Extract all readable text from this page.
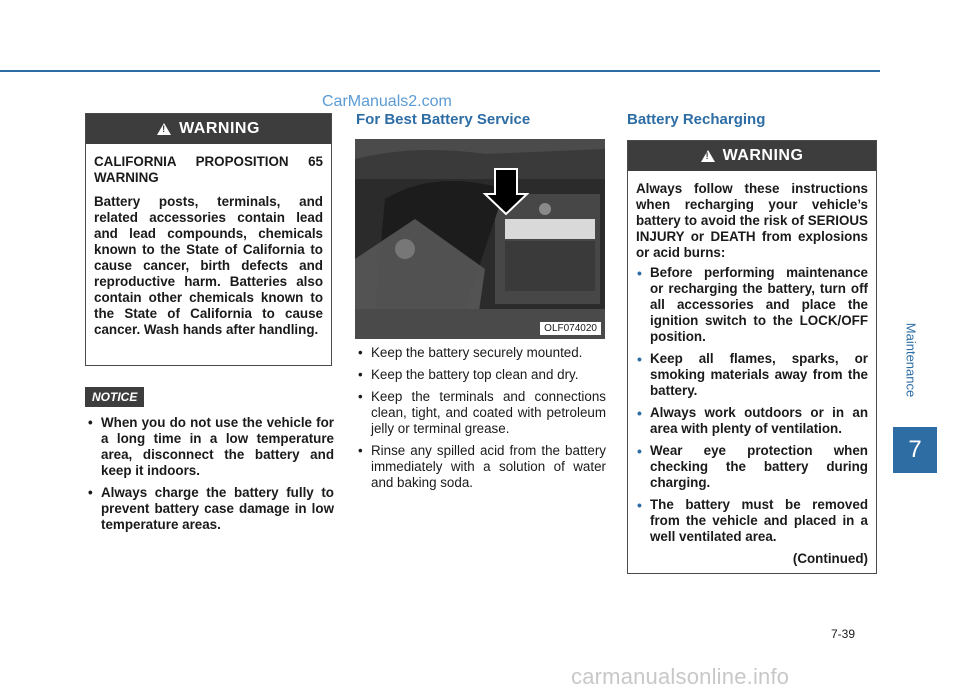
CarManuals2.com
Maintenance
7
!
WARNING

CALIFORNIA PROPOSITION 65 WARNING

Battery posts, terminals, and related accessories contain lead and lead compounds, chemicals known to the State of California to cause cancer, birth defects and reproductive harm. Batteries also contain other chemicals known to the State of California to cause cancer. Wash hands after handling.

NOTICE
• When you do not use the vehicle for a long time in a low temperature area, disconnect the battery and keep it indoors.
• Always charge the battery fully to prevent battery case damage in low temperature areas.
For Best Battery Service
OLF074020
• Keep the battery securely mounted.
• Keep the battery top clean and dry.
• Keep the terminals and connections clean, tight, and coated with petroleum jelly or terminal grease.
• Rinse any spilled acid from the battery immediately with a solution of water and baking soda.
Battery Recharging
!
WARNING

Always follow these instructions when recharging your vehicle’s battery to avoid the risk of SERIOUS INJURY or DEATH from explosions or acid burns:

• Before performing maintenance or recharging the battery, turn off all accessories and place the ignition switch to the LOCK/OFF position.
• Keep all flames, sparks, or smoking materials away from the battery.
• Always work outdoors or in an area with plenty of ventilation.
• Wear eye protection when checking the battery during charging.
• The battery must be removed from the vehicle and placed in a well ventilated area.
(Continued)
7-39
carmanualsonline.info
